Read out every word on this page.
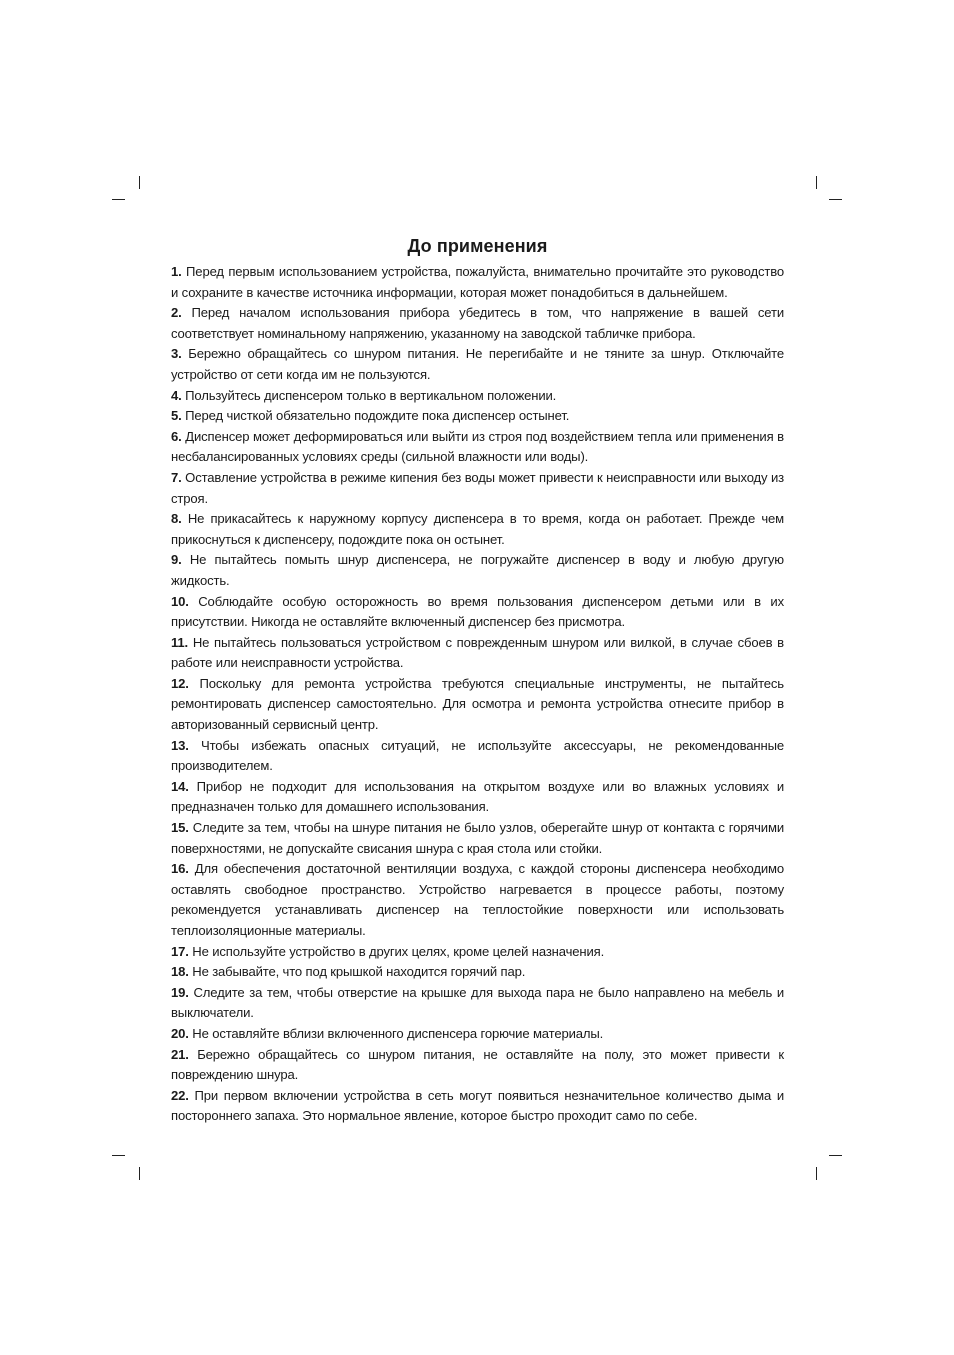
До применения
1. Перед первым использованием устройства, пожалуйста, внимательно прочитайте это руководство и сохраните в качестве источника информации, которая может понадобиться в дальнейшем.
2. Перед началом использования прибора убедитесь в том, что напряжение в вашей сети соответствует номинальному напряжению, указанному на заводской табличке прибора.
3. Бережно обращайтесь со шнуром питания. Не перегибайте и не тяните за шнур. Отключайте устройство от сети когда им не пользуются.
4. Пользуйтесь диспенсером только в вертикальном положении.
5. Перед чисткой обязательно подождите пока диспенсер остынет.
6. Диспенсер может деформироваться или выйти из строя под воздействием тепла или применения в несбалансированных условиях среды (сильной влажности или воды).
7. Оставление устройства в режиме кипения без воды может привести к неисправности или выходу из строя.
8. Не прикасайтесь к наружному корпусу диспенсера в то время, когда он работает. Прежде чем прикоснуться к диспенсеру, подождите пока он остынет.
9. Не пытайтесь помыть шнур диспенсера, не погружайте диспенсер в воду и любую другую жидкость.
10. Соблюдайте особую осторожность во время пользования диспенсером детьми или в их присутствии. Никогда не оставляйте включенный диспенсер без присмотра.
11. Не пытайтесь пользоваться устройством с поврежденным шнуром или вилкой, в случае сбоев в работе или неисправности устройства.
12. Поскольку для ремонта устройства требуются специальные инструменты, не пытайтесь ремонтировать диспенсер самостоятельно. Для осмотра и ремонта устройства отнесите прибор в авторизованный сервисный центр.
13. Чтобы избежать опасных ситуаций, не используйте аксессуары, не рекомендованные производителем.
14. Прибор не подходит для использования на открытом воздухе или во влажных условиях и предназначен только для домашнего использования.
15. Следите за тем, чтобы на шнуре питания не было узлов, оберегайте шнур от контакта с горячими поверхностями, не допускайте свисания шнура с края стола или стойки.
16. Для обеспечения достаточной вентиляции воздуха, с каждой стороны диспенсера необходимо оставлять свободное пространство. Устройство нагревается в процессе работы, поэтому рекомендуется устанавливать диспенсер на теплостойкие поверхности или использовать теплоизоляционные материалы.
17. Не используйте устройство в других целях, кроме целей назначения.
18. Не забывайте, что под крышкой находится горячий пар.
19. Следите за тем, чтобы отверстие на крышке для выхода пара не было направлено на мебель и выключатели.
20. Не оставляйте вблизи включенного диспенсера горючие материалы.
21. Бережно обращайтесь со шнуром питания, не оставляйте на полу, это может привести к повреждению шнура.
22. При первом включении устройства в сеть могут появиться незначительное количество дыма и постороннего запаха. Это нормальное явление, которое быстро проходит само по себе.
